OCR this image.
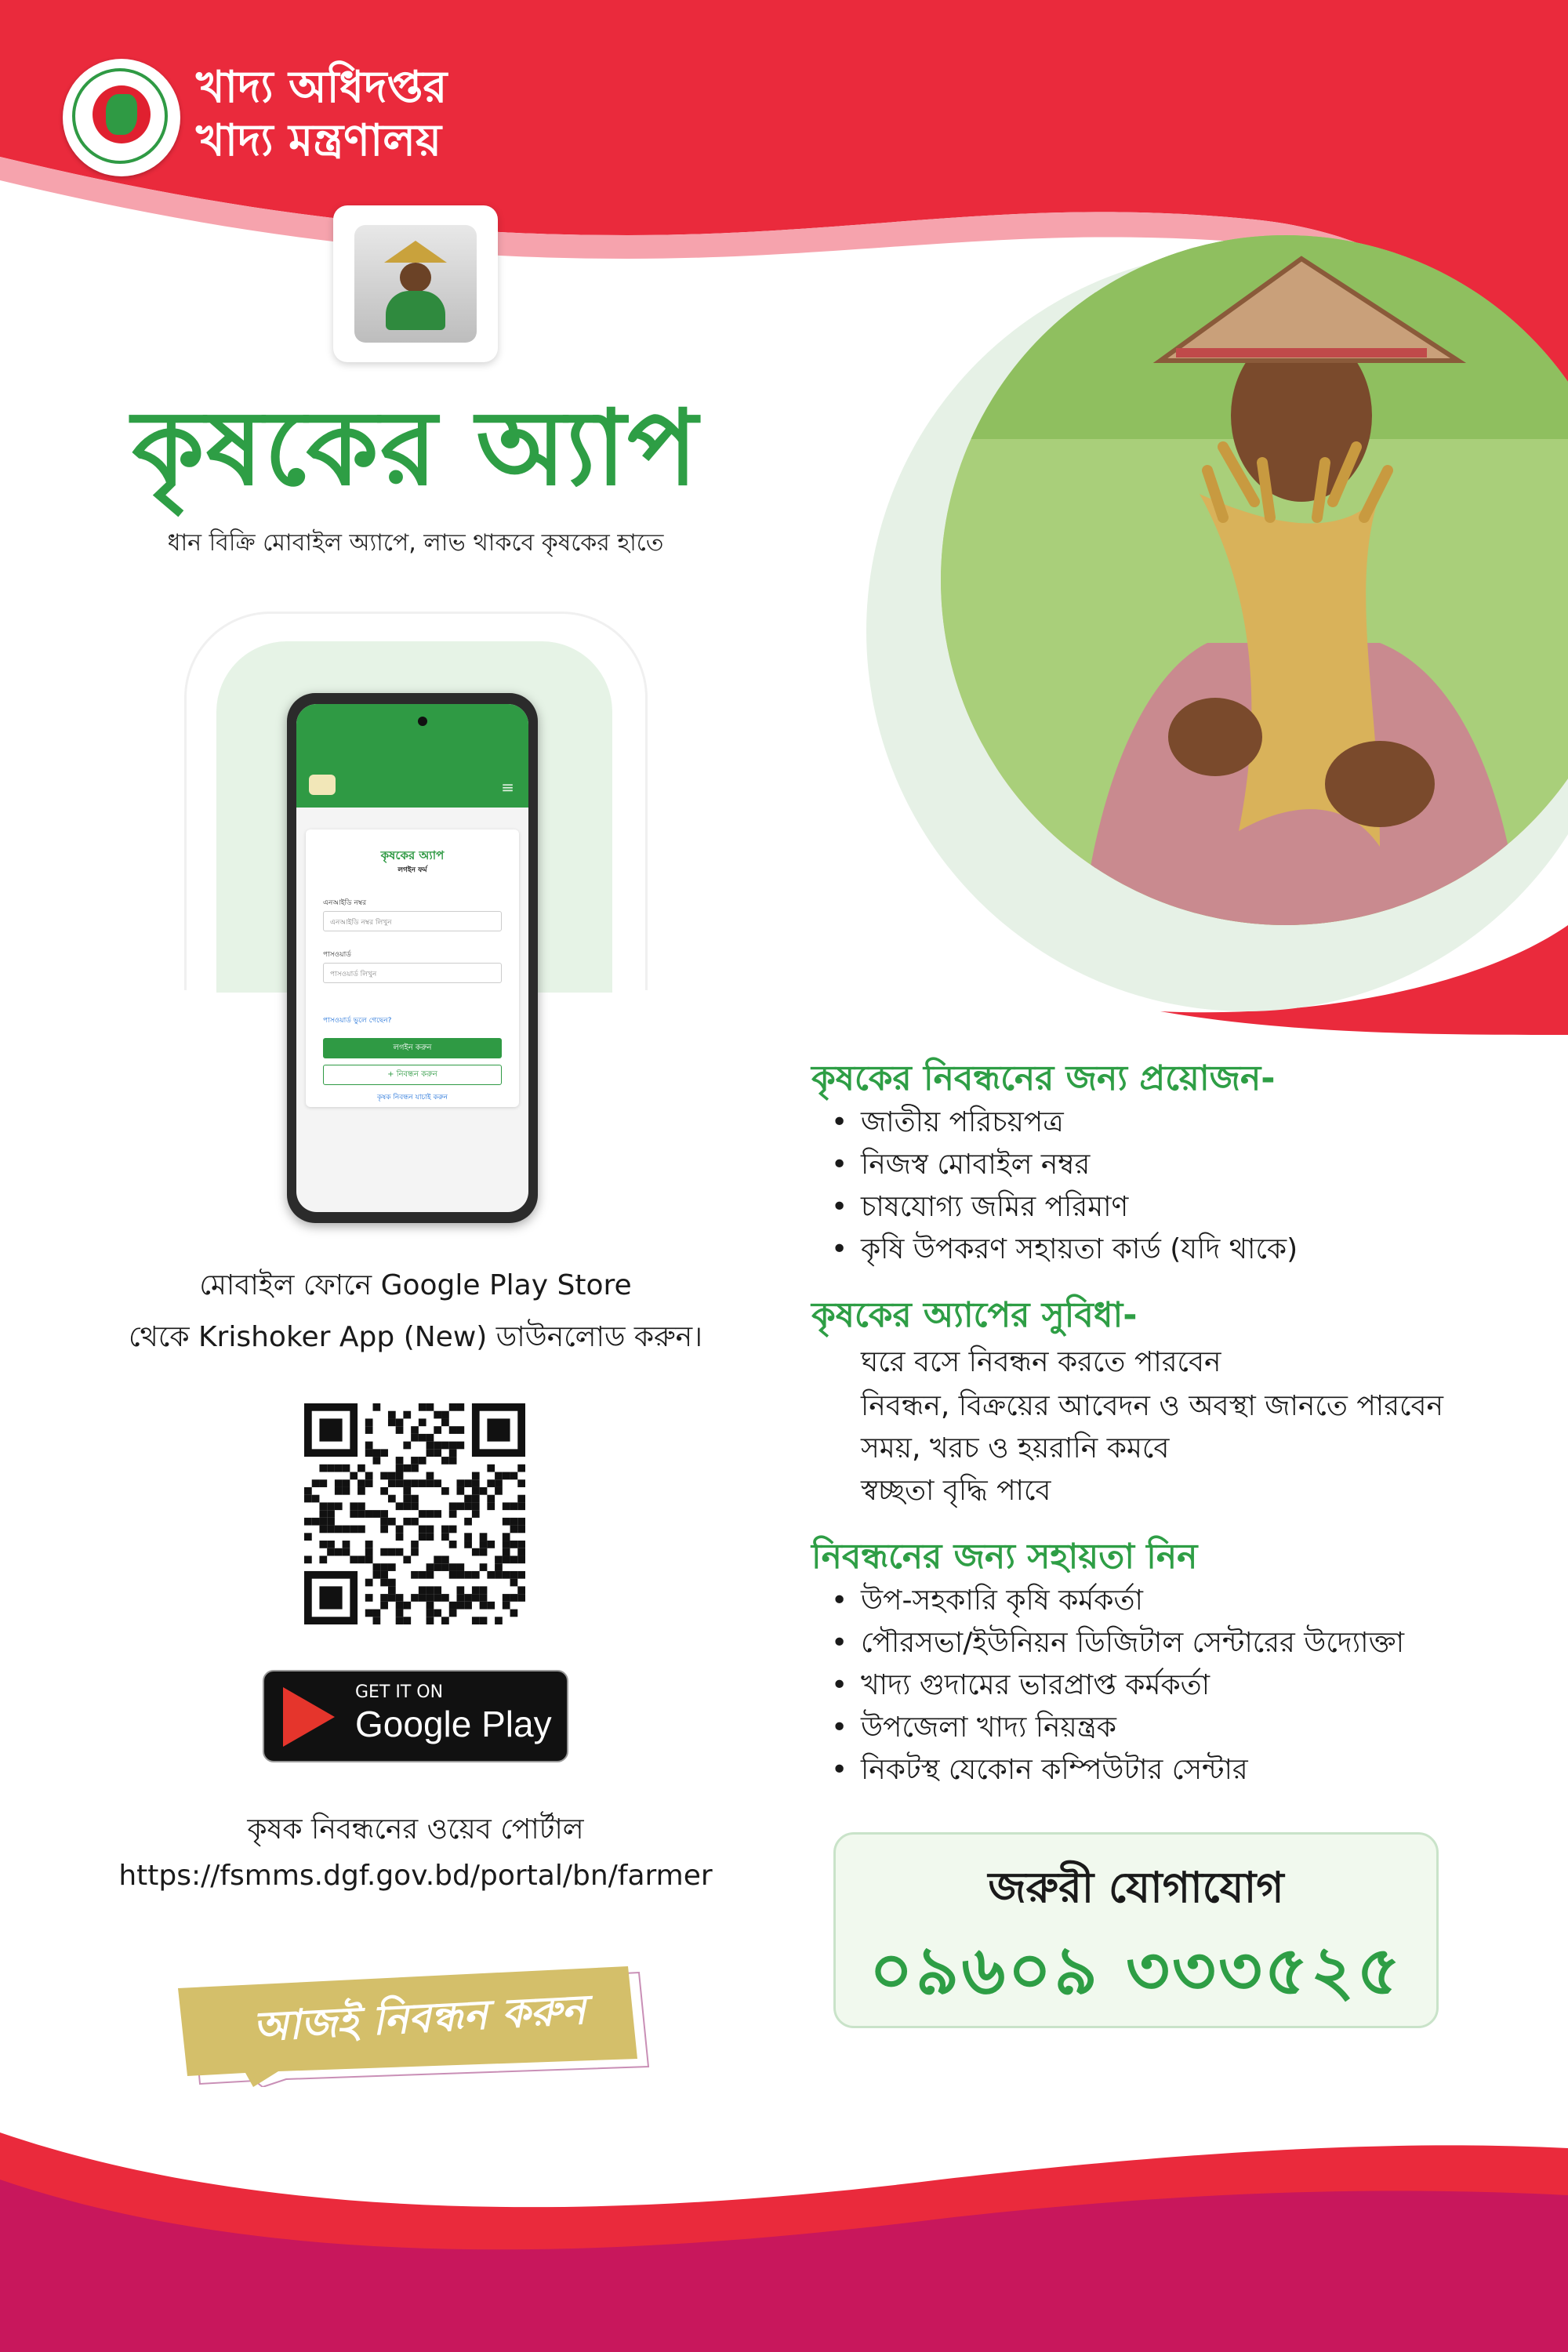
খাদ্য অধিদপ্তর
খাদ্য মন্ত্রণালয়
কৃষকের অ্যাপ
ধান বিক্রি মোবাইল অ্যাপে, লাভ থাকবে কৃষকের হাতে
≡
কৃষকের অ্যাপ
লগইন ফর্ম
এনআইডি নম্বর
এনআইডি নম্বর লিখুন
পাসওয়ার্ড
পাসওয়ার্ড লিখুন
পাসওয়ার্ড ভুলে গেছেন?
লগইন করুন
+ নিবন্ধন করুন
কৃষক নিবন্ধন যাচাই করুন
মোবাইল ফোনে Google Play Store
থেকে Krishoker App (New) ডাউনলোড করুন।
GET IT ON
Google Play
কৃষক নিবন্ধনের ওয়েব পোর্টাল
https://fsmms.dgf.gov.bd/portal/bn/farmer
আজই নিবন্ধন করুন
কৃষকের নিবন্ধনের জন্য প্রয়োজন-
• জাতীয় পরিচয়পত্র
• নিজস্ব মোবাইল নম্বর
• চাষযোগ্য জমির পরিমাণ
• কৃষি উপকরণ সহায়তা কার্ড (যদি থাকে)
কৃষকের অ্যাপের সুবিধা-
ঘরে বসে নিবন্ধন করতে পারবেন
নিবন্ধন, বিক্রয়ের আবেদন ও অবস্থা জানতে পারবেন
সময়, খরচ ও হয়রানি কমবে
স্বচ্ছতা বৃদ্ধি পাবে
নিবন্ধনের জন্য সহায়তা নিন
• উপ-সহকারি কৃষি কর্মকর্তা
• পৌরসভা/ইউনিয়ন ডিজিটাল সেন্টারের উদ্যোক্তা
• খাদ্য গুদামের ভারপ্রাপ্ত কর্মকর্তা
• উপজেলা খাদ্য নিয়ন্ত্রক
• নিকটস্থ যেকোন কম্পিউটার সেন্টার
জরুরী যোগাযোগ
০৯৬০৯ ৩৩৩৫২৫
